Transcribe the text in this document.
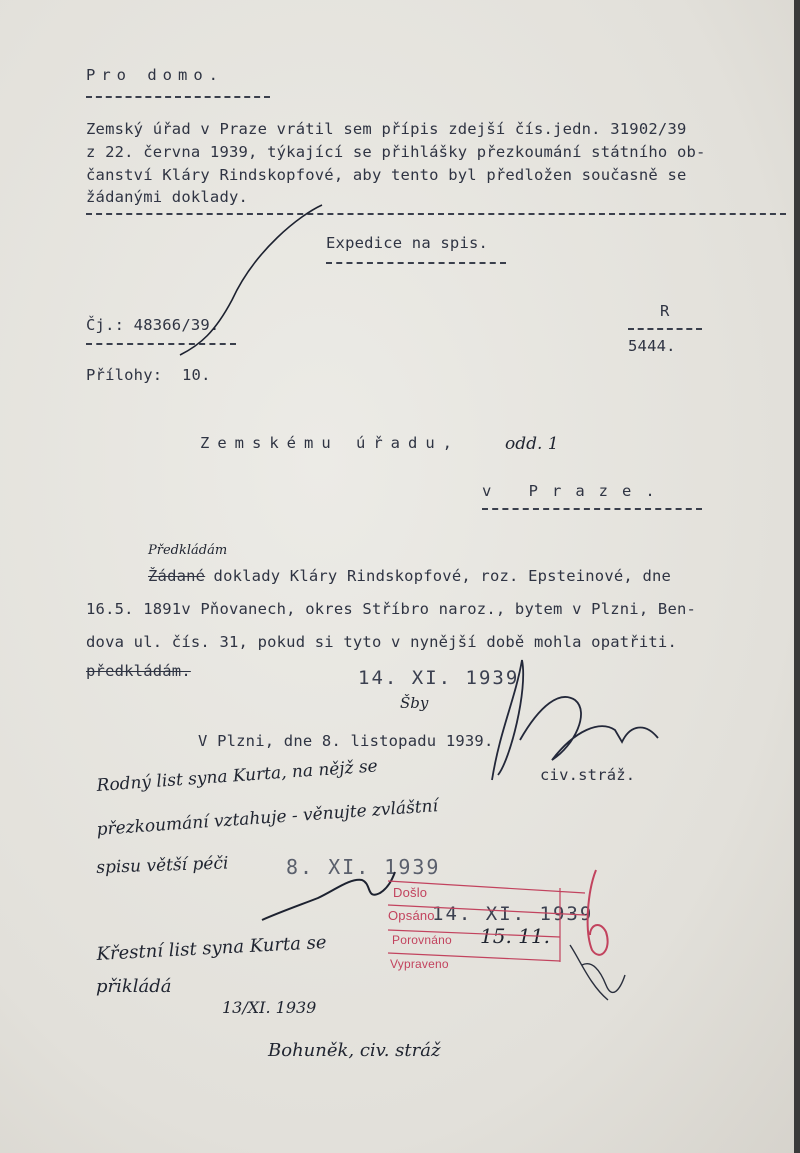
Pro domo.
Zemský úřad v Praze vrátil sem přípis zdejší čís.jedn. 31902/39
z 22. června 1939, týkající se přihlášky přezkoumání státního ob-
čanství Kláry Rindskopfové, aby tento byl předložen současně se
žádanými doklady.
Expedice na spis.
Čj.: 48366/39.
R
5444.
Přílohy: 10.
Zemskému úřadu,	odd. 1
v Praze.
Předkládám
Žádané
doklady Kláry Rindskopfové, roz. Epsteinové, dne
16.5. 1891v Pňovanech, okres Stříbro naroz., bytem v Plzni, Ben-
dova ul. čís. 31, pokud si tyto v nynější době mohla opatřiti.
předkládám.	14. XI. 1939
Šby
V Plzni, dne 8. listopadu 1939.
civ.stráž.
Rodný list syna Kurta, na nějž se
přezkoumání vztahuje - věnujte zvláštní
spisu větší péči	8. XI. 1939
Došlo
Opsáno
14. XI. 1939
Porovnáno 15. 11.
Vypraveno
Křestní list syna Kurta se
přikládá
13/XI. 1939
Bohuněk, civ. stráž
